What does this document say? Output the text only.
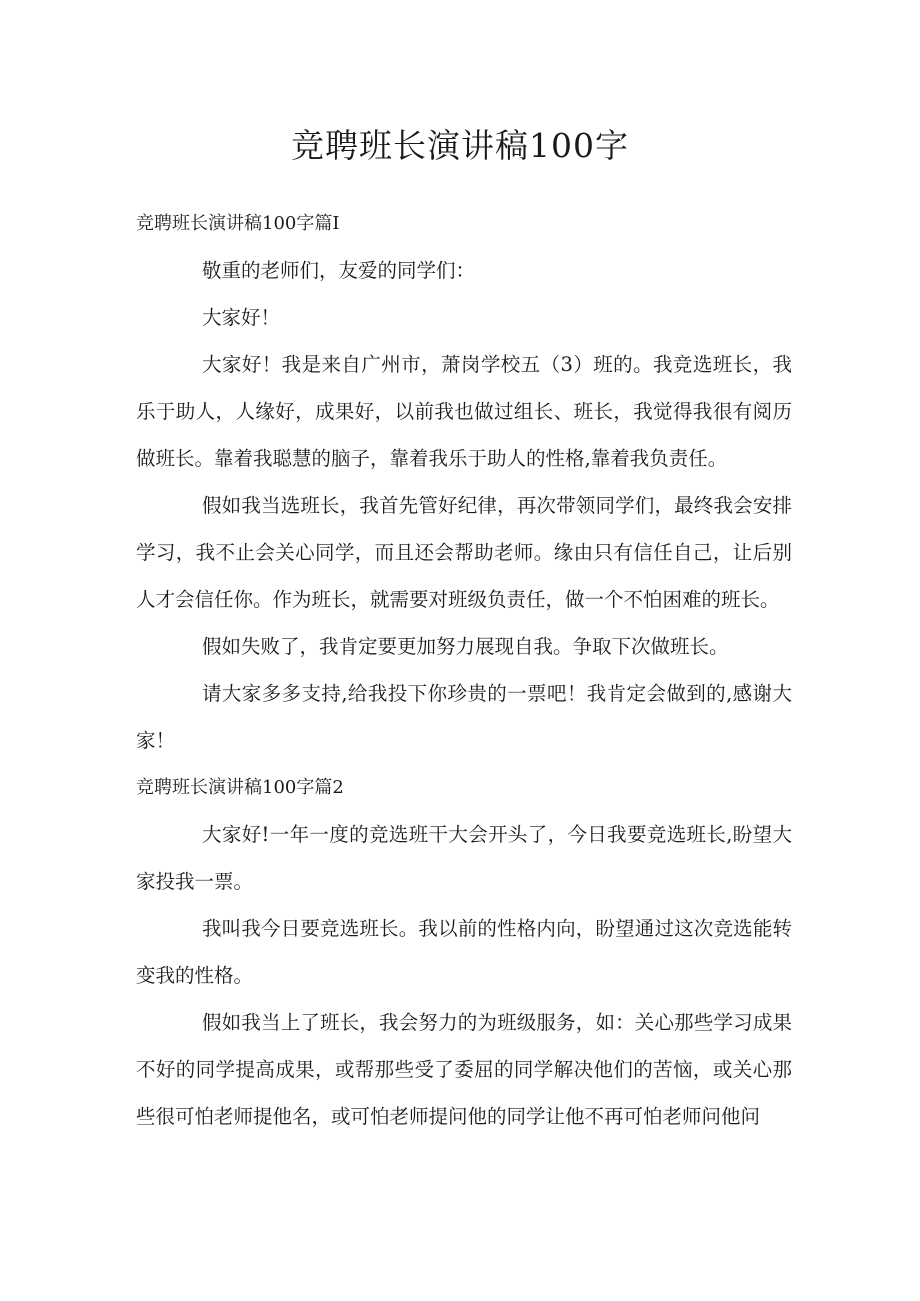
竞聘班长演讲稿100字

竞聘班长演讲稿100字篇I

敬重的老师们，友爱的同学们：

大家好！

大家好！我是来自广州市，萧岗学校五（3）班的。我竞选班长，我乐于助人，人缘好，成果好，以前我也做过组长、班长，我觉得我很有阅历做班长。靠着我聪慧的脑子，靠着我乐于助人的性格,靠着我负责任。

假如我当选班长，我首先管好纪律，再次带领同学们，最终我会安排学习，我不止会关心同学，而且还会帮助老师。缘由只有信任自己，让后别人才会信任你。作为班长，就需要对班级负责任，做一个不怕困难的班长。

假如失败了，我肯定要更加努力展现自我。争取下次做班长。

请大家多多支持,给我投下你珍贵的一票吧！我肯定会做到的,感谢大家！

竞聘班长演讲稿100字篇2

大家好!一年一度的竞选班干大会开头了，今日我要竞选班长,盼望大家投我一票。

我叫我今日要竞选班长。我以前的性格内向，盼望通过这次竞选能转变我的性格。

假如我当上了班长，我会努力的为班级服务，如：关心那些学习成果不好的同学提高成果，或帮那些受了委屈的同学解决他们的苦恼，或关心那些很可怕老师提他名，或可怕老师提问他的同学让他不再可怕老师问他问
